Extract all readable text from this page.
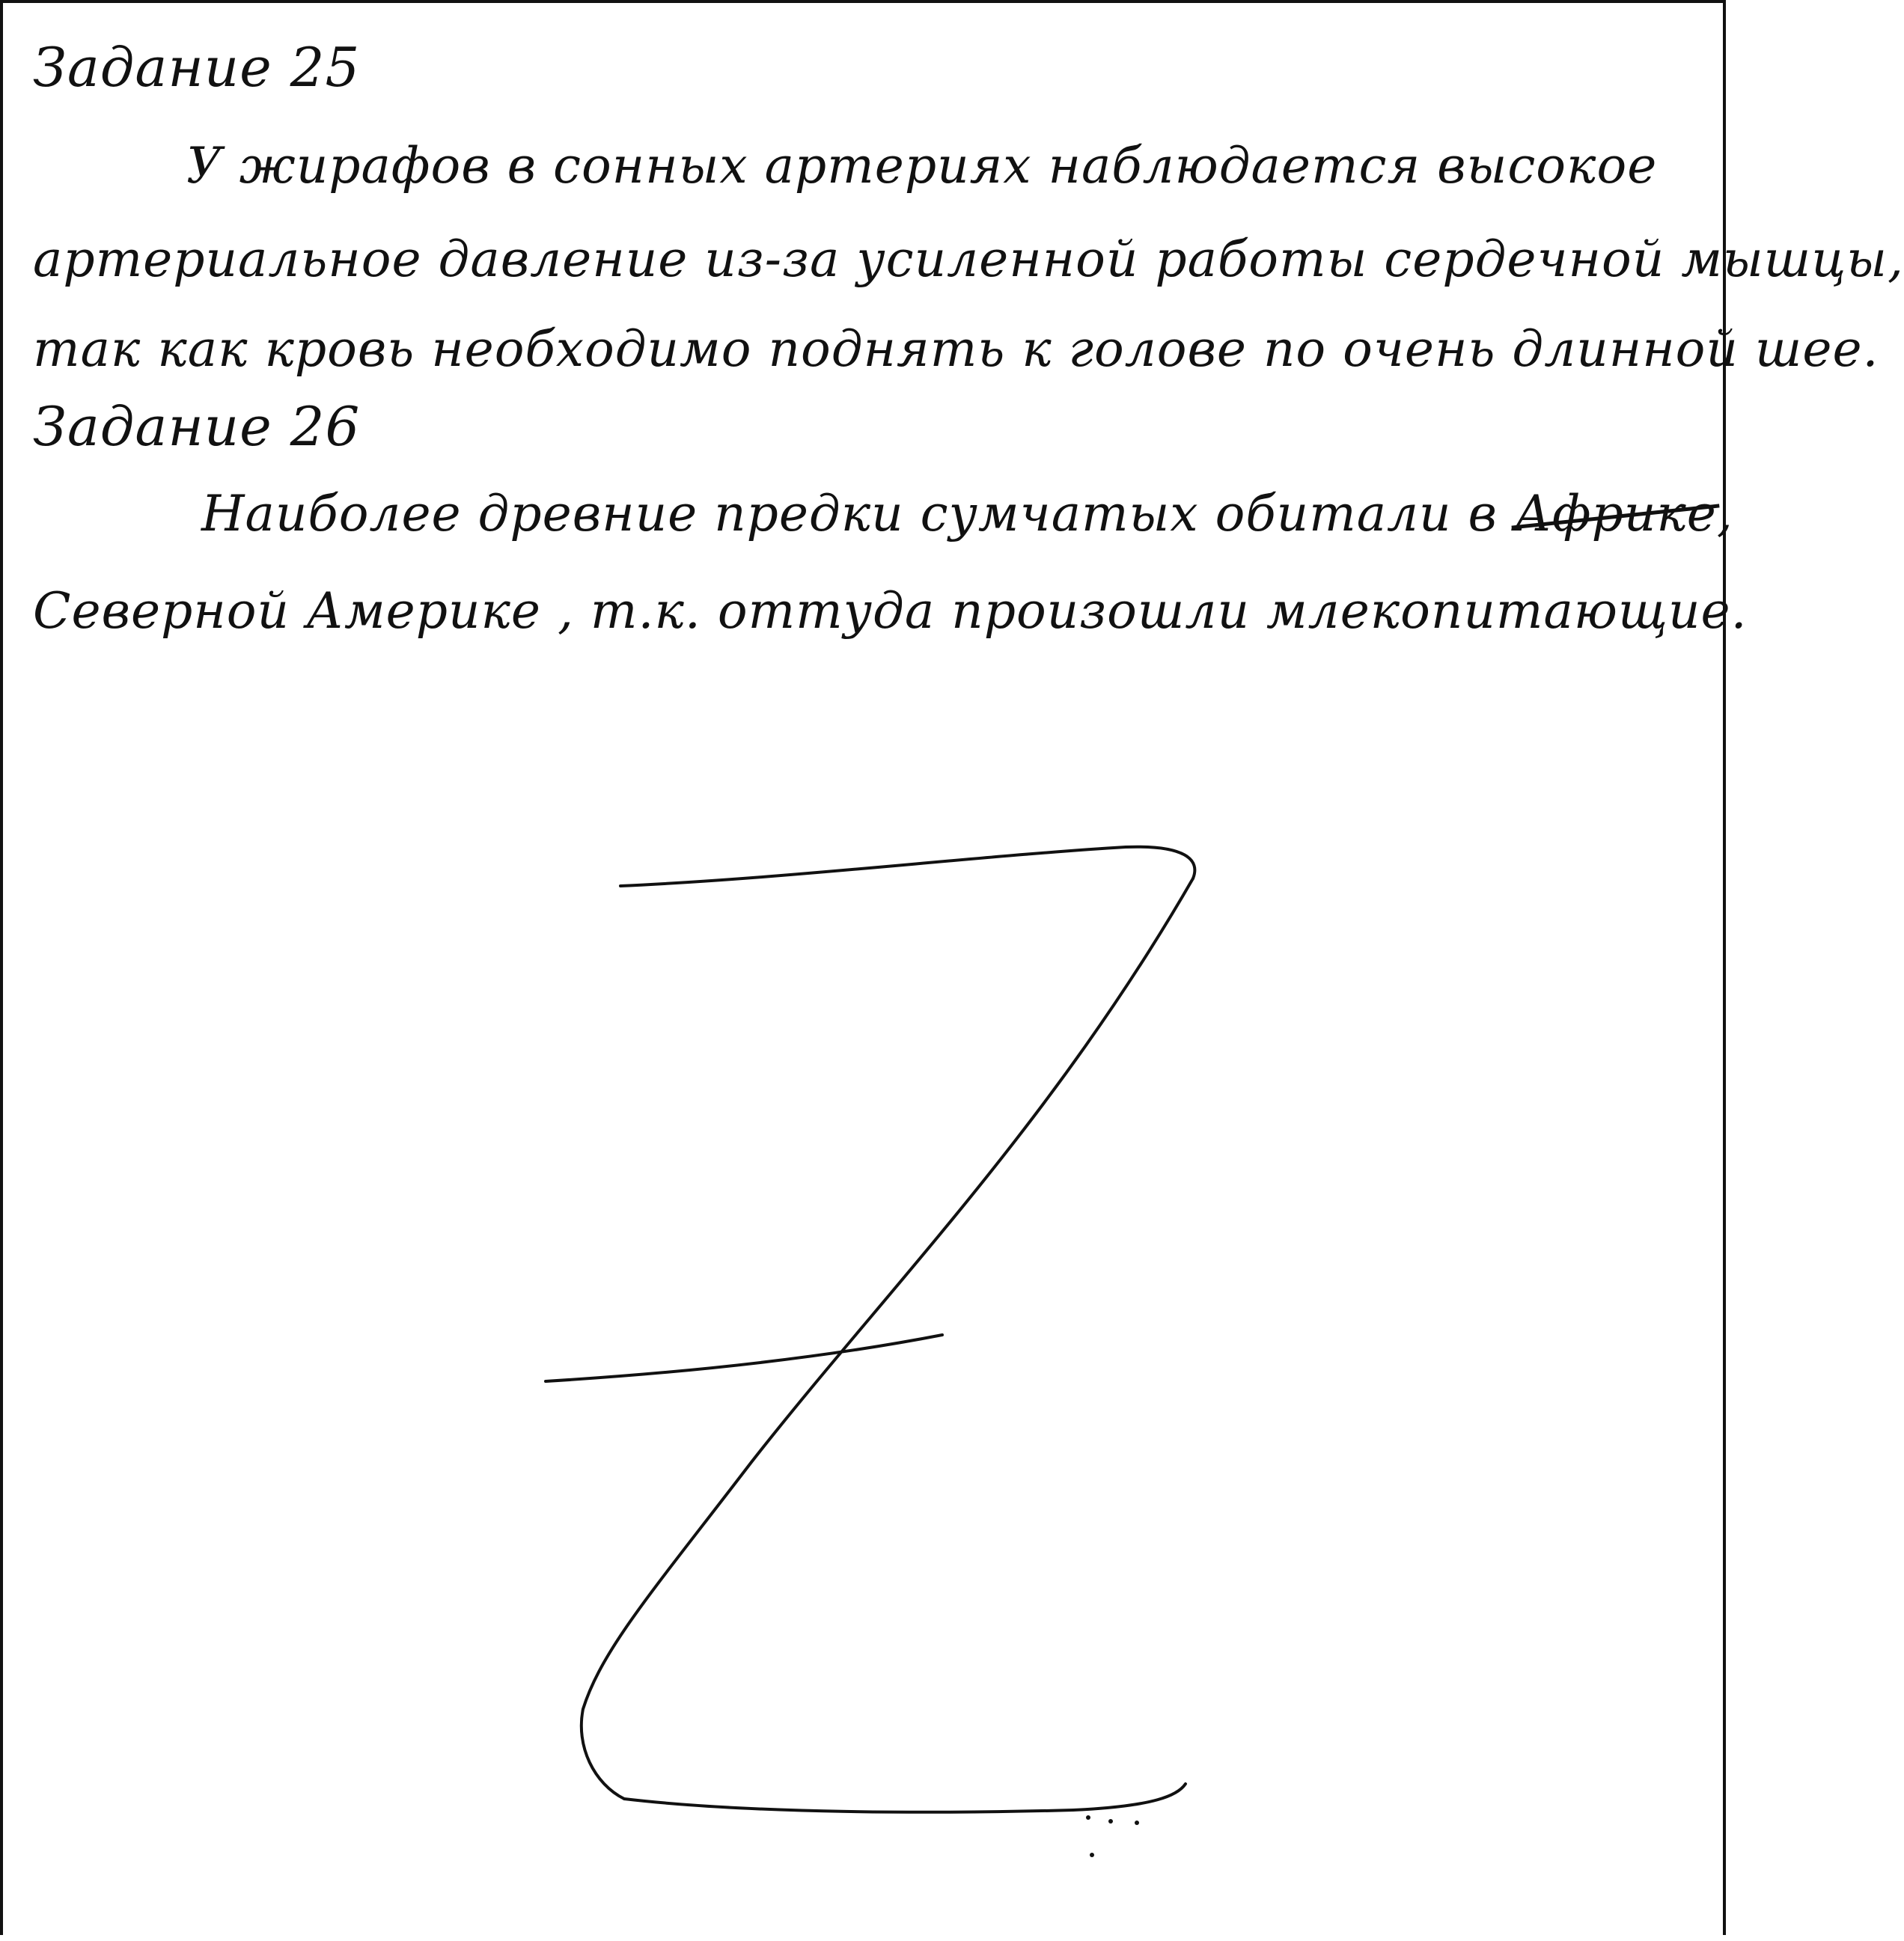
Задание 25
У жирафов в сонных артериях наблюдается высокое
артериальное давление из-за усиленной работы сердечной мышцы,
так как кровь необходимо поднять к голове по очень длинной шее.
Задание 26
Наиболее древние предки сумчатых обитали в Африке,
Северной Америке , т.к. оттуда произошли млекопитающие.
